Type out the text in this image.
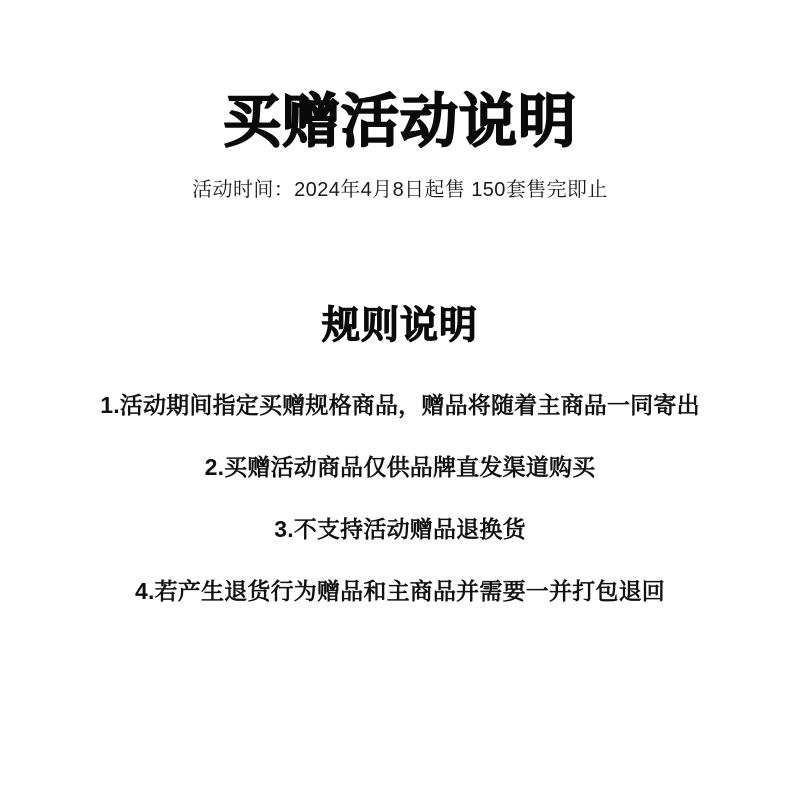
买赠活动说明
活动时间：2024年4月8日起售 150套售完即止
规则说明
1.活动期间指定买赠规格商品，赠品将随着主商品一同寄出
2.买赠活动商品仅供品牌直发渠道购买
3.不支持活动赠品退换货
4.若产生退货行为赠品和主商品并需要一并打包退回
